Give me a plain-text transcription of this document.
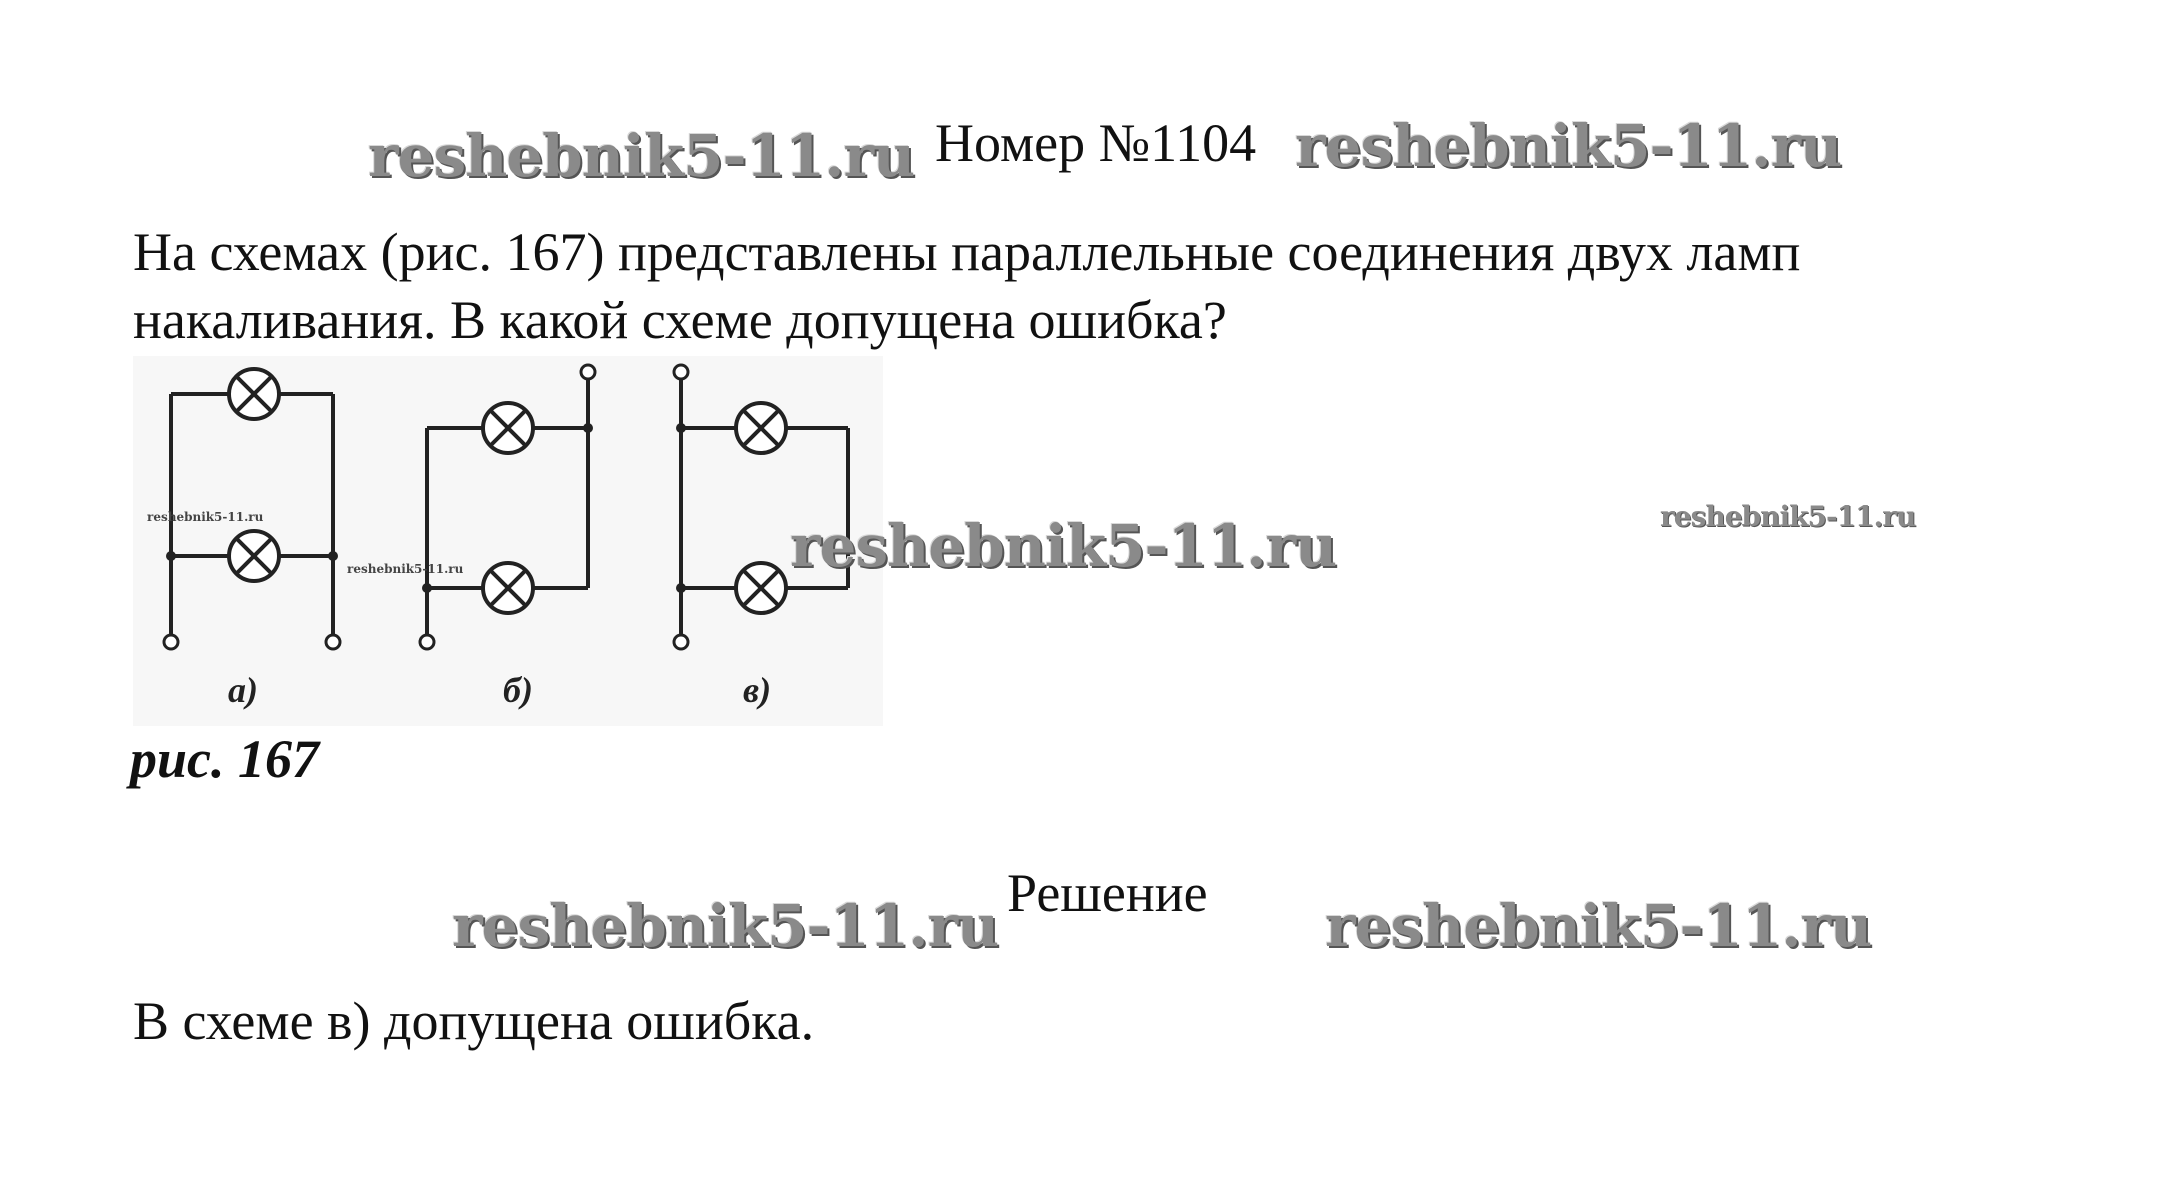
reshebnik5-11.ru Номер №1104 reshebnik5-11.ru
На схемах (рис. 167) представлены параллельные соединения двух ламп накаливания. В какой схеме допущена ошибка?
а)	б)	в)
reshebnik5-11.ru
reshebnik5-11.ru	reshebnik5-11.ru	reshebnik5-11.ru
рис. 167
reshebnik5-11.ru Решение reshebnik5-11.ru
В схеме в) допущена ошибка.
